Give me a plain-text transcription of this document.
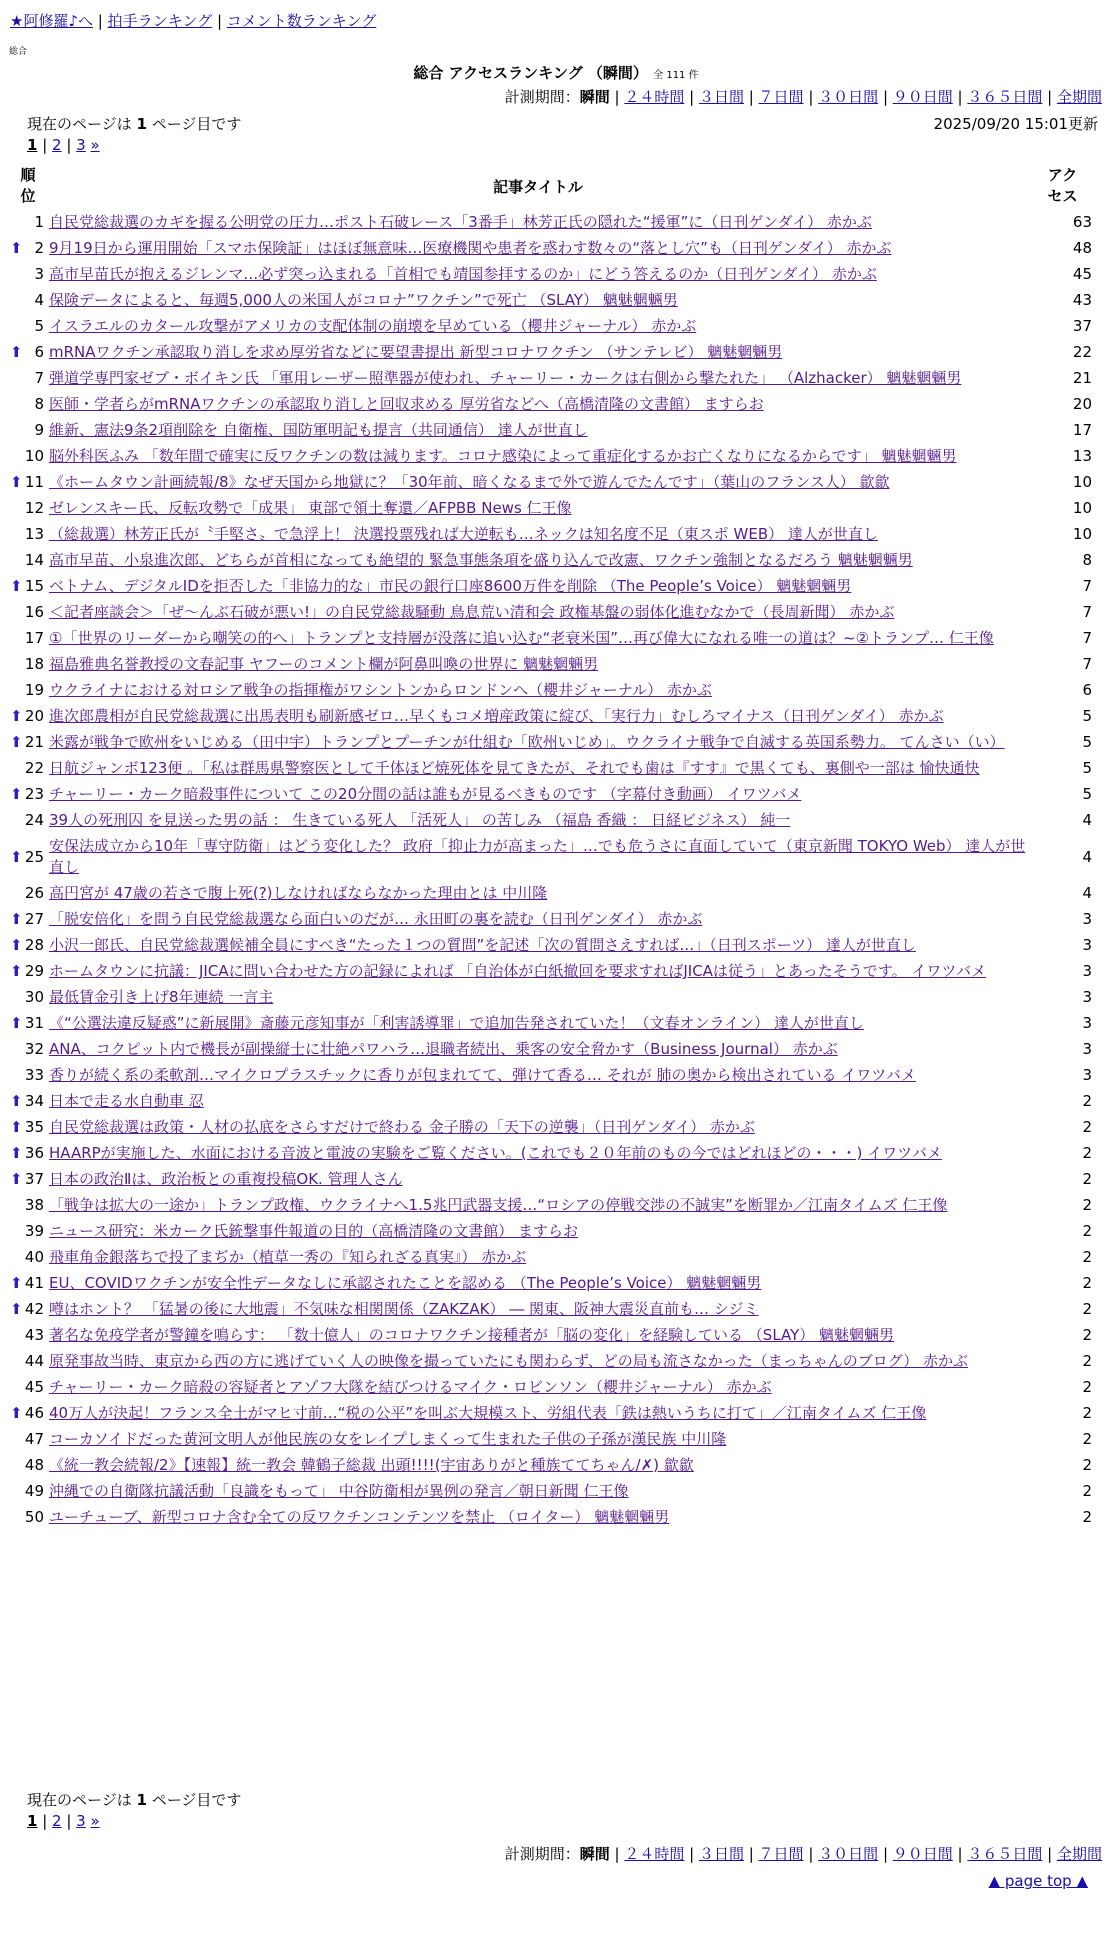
★阿修羅♪へ | 拍手ランキング | コメント数ランキング
総合
総合 アクセスランキング （瞬間） 全 111 件
計測期間：瞬間 | ２４時間 | ３日間 | ７日間 | ３０日間 | ９０日間 | ３６５日間 | 全期間
現在のページは 1 ページ目です	2025/09/20 15:01更新
1 | 2 | 3 »
順位		記事タイトル	アクセス
	1	自民党総裁選のカギを握る公明党の圧力…ポスト石破レース「3番手」林芳正氏の隠れた“援軍”に（日刊ゲンダイ） 赤かぶ	63
⬆	2	9月19日から運用開始「スマホ保険証」はほぼ無意味…医療機関や患者を惑わす数々の“落とし穴”も（日刊ゲンダイ） 赤かぶ	48
	3	高市早苗氏が抱えるジレンマ…必ず突っ込まれる「首相でも靖国参拝するのか」にどう答えるのか（日刊ゲンダイ） 赤かぶ	45
	4	保険データによると、毎週5,000人の米国人がコロナ”ワクチン”で死亡 （SLAY） 魑魅魍魎男	43
	5	イスラエルのカタール攻撃がアメリカの支配体制の崩壊を早めている（櫻井ジャーナル） 赤かぶ	37
⬆	6	mRNAワクチン承認取り消しを求め厚労省などに要望書提出 新型コロナワクチン （サンテレビ） 魑魅魍魎男	22
	7	弾道学専門家ゼブ・ボイキン氏 「軍用レーザー照準器が使われ、チャーリー・カークは右側から撃たれた」 （Alzhacker） 魑魅魍魎男	21
	8	医師・学者らがmRNAワクチンの承認取り消しと回収求める 厚労省などへ（高橋清隆の文書館） ますらお	20
	9	維新、憲法9条2項削除を 自衛権、国防軍明記も提言（共同通信） 達人が世直し	17
	10	脳外科医ふみ 「数年間で確実に反ワクチンの数は減ります。コロナ感染によって重症化するかお亡くなりになるからです」 魑魅魍魎男	13
⬆	11	《ホームタウン計画続報/8》なぜ天国から地獄に？「30年前、暗くなるまで外で遊んでたんです」（葉山のフランス人） 歙歙	10
	12	ゼレンスキー氏、反転攻勢で「成果」 東部で領土奪還／AFPBB News 仁王像	10
	13	（総裁選）林芳正氏が〝手堅さ〟で急浮上！ 決選投票残れば大逆転も…ネックは知名度不足（東スポ WEB） 達人が世直し	10
	14	高市早苗、小泉進次郎、どちらが首相になっても絶望的 緊急事態条項を盛り込んで改憲、ワクチン強制となるだろう 魑魅魍魎男	8
⬆	15	ベトナム、デジタルIDを拒否した「非協力的な」市民の銀行口座8600万件を削除 （The People’s Voice） 魑魅魍魎男	7
	16	＜記者座談会＞「ぜ〜んぶ石破が悪い!」の自民党総裁騒動 鳥息荒い清和会 政権基盤の弱体化進むなかで（長周新聞） 赤かぶ	7
	17	①「世界のリーダーから嘲笑の的へ」トランプと支持層が没落に追い込む“老衰米国”…再び偉大になれる唯一の道は？~②トランプ… 仁王像	7
	18	福島雅典名誉教授の文春記事 ヤフーのコメント欄が阿鼻叫喚の世界に 魑魅魍魎男	7
	19	ウクライナにおける対ロシア戦争の指揮権がワシントンからロンドンへ（櫻井ジャーナル） 赤かぶ	6
⬆	20	進次郎農相が自民党総裁選に出馬表明も刷新感ゼロ…早くもコメ増産政策に綻び、「実行力」むしろマイナス（日刊ゲンダイ） 赤かぶ	5
⬆	21	米露が戦争で欧州をいじめる（田中宇）トランプとプーチンが仕組む「欧州いじめ」。ウクライナ戦争で自滅する英国系勢力。 てんさい（い）	5
	22	日航ジャンボ123便 。「私は群馬県警察医として千体ほど焼死体を見てきたが、それでも歯は『すす』で黒くても、裏側や一部は 愉快通快	5
⬆	23	チャーリー・カーク暗殺事件について この20分間の話は誰もが見るべきものです （字幕付き動画） イワツバメ	5
	24	39人の死刑囚 を見送った男の話 ： 生きている死人 「活死人」 の苦しみ （福島 香織 ： 日経ビジネス） 純一	4
⬆	25	安保法成立から10年「専守防衛」はどう変化した？ 政府「抑止力が高まった」…でも危うさに直面していて（東京新聞 TOKYO Web） 達人が世直し	4
	26	高円宮が 47歳の若さで腹上死(?)しなければならなかった理由とは 中川隆	4
⬆	27	「脱安倍化」を問う自民党総裁選なら面白いのだが… 永田町の裏を読む（日刊ゲンダイ） 赤かぶ	3
⬆	28	小沢一郎氏、自民党総裁選候補全員にすべき“たった１つの質問”を記述「次の質問さえすれば…」（日刊スポーツ） 達人が世直し	3
⬆	29	ホームタウンに抗議：JICAに問い合わせた方の記録によれば 「自治体が白紙撤回を要求すればJICAは従う」とあったそうです。 イワツバメ	3
	30	最低賃金引き上げ8年連続 一言主	3
⬆	31	《“公選法違反疑惑”に新展開》斎藤元彦知事が「利害誘導罪」で追加告発されていた！（文春オンライン） 達人が世直し	3
	32	ANA、コクピット内で機長が副操縦士に壮絶パワハラ…退職者続出、乗客の安全脅かす（Business Journal） 赤かぶ	3
	33	香りが続く系の柔軟剤…マイクロプラスチックに香りが包まれてて、弾けて香る… それが 肺の奥から検出されている イワツバメ	3
⬆	34	日本で走る水自動車 忍	2
⬆	35	自民党総裁選は政策・人材の払底をさらすだけで終わる 金子勝の「天下の逆襲」（日刊ゲンダイ） 赤かぶ	2
⬆	36	HAARPが実施した、水面における音波と電波の実験をご覧ください。(これでも２０年前のもの今ではどれほどの・・・) イワツバメ	2
⬆	37	日本の政治Ⅱは、政治板との重複投稿OK. 管理人さん	2
	38	「戦争は拡大の一途か」トランプ政権、ウクライナへ1.5兆円武器支援…“ロシアの停戦交渉の不誠実”を断罪か／江南タイムズ 仁王像	2
	39	ニュース研究：米カーク氏銃撃事件報道の目的（高橋清隆の文書館） ますらお	2
	40	飛車角金銀落ちで投了まぢか（植草一秀の『知られざる真実』） 赤かぶ	2
⬆	41	EU、COVIDワクチンが安全性データなしに承認されたことを認める （The People’s Voice） 魑魅魍魎男	2
⬆	42	噂はホント？ 「猛暑の後に大地震」不気味な相関関係（ZAKZAK） ― 関東、阪神大震災直前も… シジミ	2
	43	著名な免疫学者が警鐘を鳴らす： 「数十億人」のコロナワクチン接種者が「脳の変化」を経験している （SLAY） 魑魅魍魎男	2
	44	原発事故当時、東京から西の方に逃げていく人の映像を撮っていたにも関わらず、どの局も流さなかった（まっちゃんのブログ） 赤かぶ	2
	45	チャーリー・カーク暗殺の容疑者とアゾフ大隊を結びつけるマイク・ロビンソン（櫻井ジャーナル） 赤かぶ	2
⬆	46	40万人が決起！フランス全土がマヒ寸前…“税の公平”を叫ぶ大規模スト、労組代表「鉄は熱いうちに打て」／江南タイムズ 仁王像	2
	47	コーカソイドだった黄河文明人が他民族の女をレイプしまくって生まれた子供の子孫が漢民族 中川隆	2
	48	《統一教会続報/2》【速報】統一教会 韓鶴子総裁 出頭!!!!(宇宙ありがと種族ててちゃん/✗) 歙歙	2
	49	沖縄での自衛隊抗議活動「良識をもって」 中谷防衛相が異例の発言／朝日新聞 仁王像	2
	50	ユーチューブ、新型コロナ含む全ての反ワクチンコンテンツを禁止 （ロイター） 魑魅魍魎男	2
現在のページは 1 ページ目です
1 | 2 | 3 »
計測期間：瞬間 | ２４時間 | ３日間 | ７日間 | ３０日間 | ９０日間 | ３６５日間 | 全期間
▲ page top ▲
